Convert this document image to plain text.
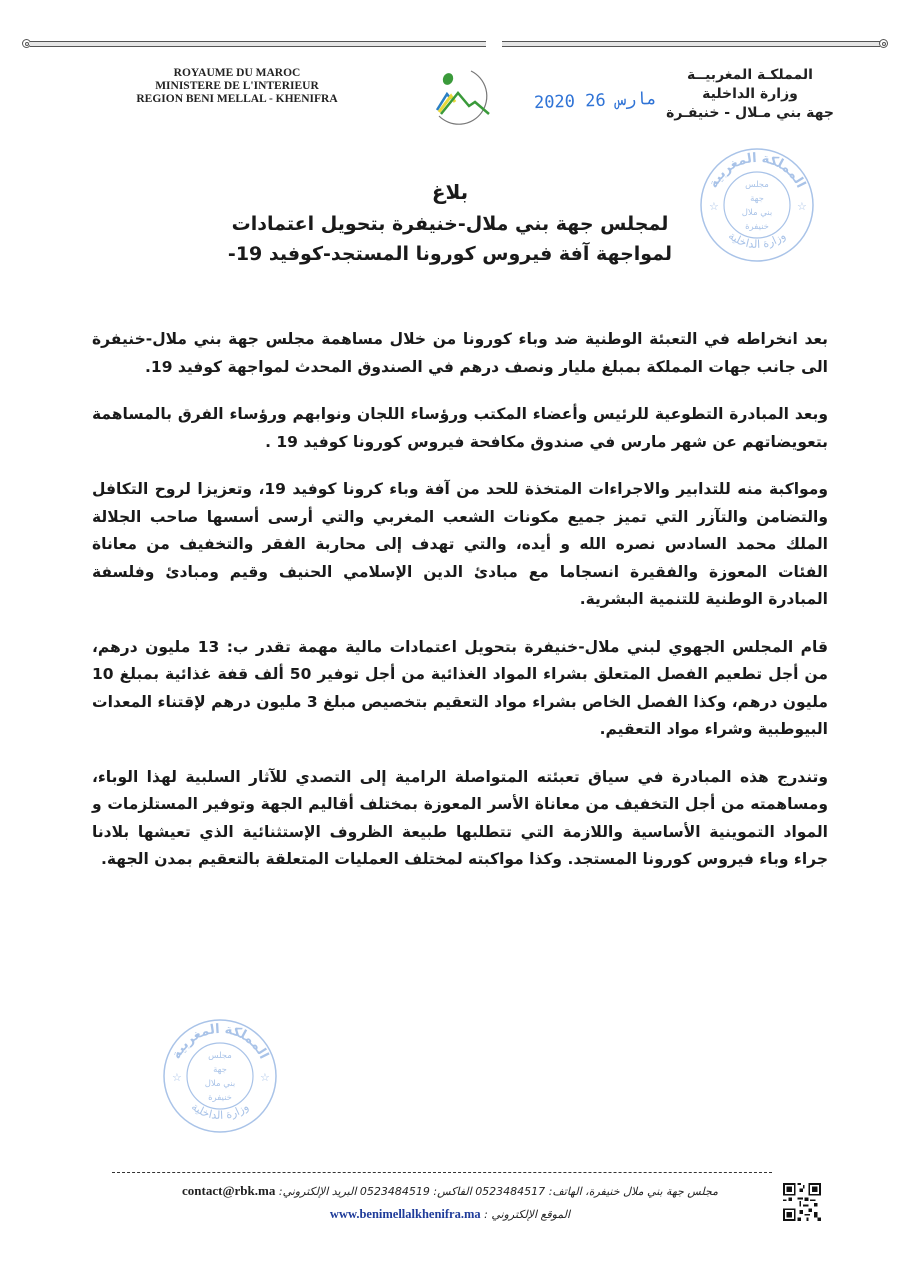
ROYAUME DU MAROC
MINISTERE DE L'INTERIEUR
REGION BENI MELLAL - KHENIFRA	2020 مارس 26
المملكـة المغربيــة
وزارة الداخلية
جهة بني مـلال - خنيفـرة
المملكة المغربية
وزارة الداخلية
☆	☆
مجلس
جهة
بني ملال
خنيفرة
بلاغ
لمجلس جهة بني ملال-خنيفرة بتحويل اعتمادات
لمواجهة آفة فيروس كورونا المستجد-كوفيد 19-

بعد انخراطه في التعبئة الوطنية ضد وباء كورونا من خلال مساهمة مجلس جهة بني ملال-خنيفرة الى جانب جهات المملكة بمبلغ مليار ونصف درهم في الصندوق المحدث لمواجهة كوفيد 19.

وبعد المبادرة التطوعية للرئيس وأعضاء المكتب ورؤساء اللجان ونوابهم ورؤساء الفرق بالمساهمة بتعويضاتهم عن شهر مارس في صندوق مكافحة فيروس كورونا كوفيد 19 .

ومواكبة منه للتدابير والاجراءات المتخذة للحد من آفة وباء كرونا كوفيد 19، وتعزيزا لروح التكافل والتضامن والتآزر التي تميز جميع مكونات الشعب المغربي والتي أرسى أسسها صاحب الجلالة الملك محمد السادس نصره الله و أيده، والتي تهدف إلى محاربة الفقر والتخفيف من معاناة الفئات المعوزة والفقيرة انسجاما مع مبادئ الدين الإسلامي الحنيف وقيم ومبادئ وفلسفة المبادرة الوطنية للتنمية البشرية.

قام المجلس الجهوي لبني ملال-خنيفرة بتحويل اعتمادات مالية مهمة تقدر ب: 13 مليون درهم، من أجل تطعيم الفصل المتعلق بشراء المواد الغذائية من أجل توفير 50 ألف قفة غذائية بمبلغ 10 مليون درهم، وكذا الفصل الخاص بشراء مواد التعقيم بتخصيص مبلغ 3 مليون درهم لإقتناء المعدات البيوطبية وشراء مواد التعقيم.

وتندرج هذه المبادرة في سياق تعبئته المتواصلة الرامية إلى التصدي للآثار السلبية لهذا الوباء، ومساهمته من أجل التخفيف من معاناة الأسر المعوزة بمختلف أقاليم الجهة وتوفير المستلزمات و المواد التموينية الأساسية واللازمة التي تتطلبها طبيعة الظروف الإستثنائية الذي تعيشها بلادنا جراء وباء فيروس كورونا المستجد. وكذا مواكبته لمختلف العمليات المتعلقة بالتعقيم بمدن الجهة.

المملكة المغربية
وزارة الداخلية
☆	☆
مجلس
جهة
بني ملال
خنيفرة
contact@rbk.ma البريد الإلكتروني: 0523484519 الفاكس: 0523484517 مجلس جهة بني ملال خنيفرة، الهاتف:
www.benimellalkhenifra.ma الموقع الإلكتروني :
